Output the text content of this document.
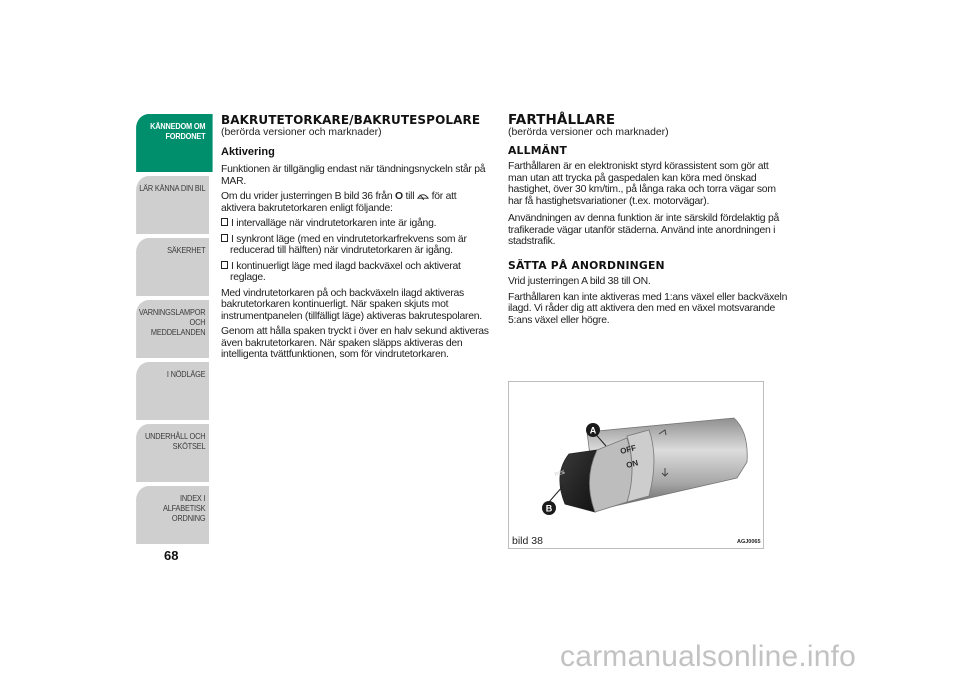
KÄNNEDOM OM FORDONET
LÄR KÄNNA DIN BIL
SÄKERHET
VARNINGSLAMPOR OCH MEDDELANDEN
I NÖDLÄGE
UNDERHÅLL OCH SKÖTSEL
INDEX I ALFABETISK ORDNING
68
BAKRUTETORKARE/BAKRUTESPOLARE
(berörda versioner och marknader)
Aktivering

Funktionen är tillgänglig endast när tändningsnyckeln står på MAR.

Om du vrider justerringen B bild 36 från O till för att aktivera bakrutetorkaren enligt följande:

I intervalläge när vindrutetorkaren inte är igång.

I synkront läge (med en vindrutetorkarfrekvens som är reducerad till hälften) när vindrutetorkaren är igång.

I kontinuerligt läge med ilagd backväxel och aktiverat reglage.

Med vindrutetorkaren på och backväxeln ilagd aktiveras bakrutetorkaren kontinuerligt. När spaken skjuts mot instrumentpanelen (tillfälligt läge) aktiveras bakrutespolaren.

Genom att hålla spaken tryckt i över en halv sekund aktiveras även bakrutetorkaren. När spaken släpps aktiveras den intelligenta tvättfunktionen, som för vindrutetorkaren.

FARTHÅLLARE
(berörda versioner och marknader)
ALLMÄNT

Farthållaren är en elektroniskt styrd körassistent som gör att man utan att trycka på gaspedalen kan köra med önskad hastighet, över 30 km/tim., på långa raka och torra vägar som har få hastighetsvariationer (t.ex. motorvägar).

Användningen av denna funktion är inte särskild fördelaktig på trafikerade vägar utanför städerna. Använd inte anordningen i stadstrafik.

SÄTTA PÅ ANORDNINGEN

Vrid justerringen A bild 38 till ON.

Farthållaren kan inte aktiveras med 1:ans växel eller backväxeln ilagd. Vi råder dig att aktivera den med en växel motsvarande 5:ans växel eller högre.

OFF
ON
RES
A
B
bild 38	AGJ0065
carmanualsonline.info
